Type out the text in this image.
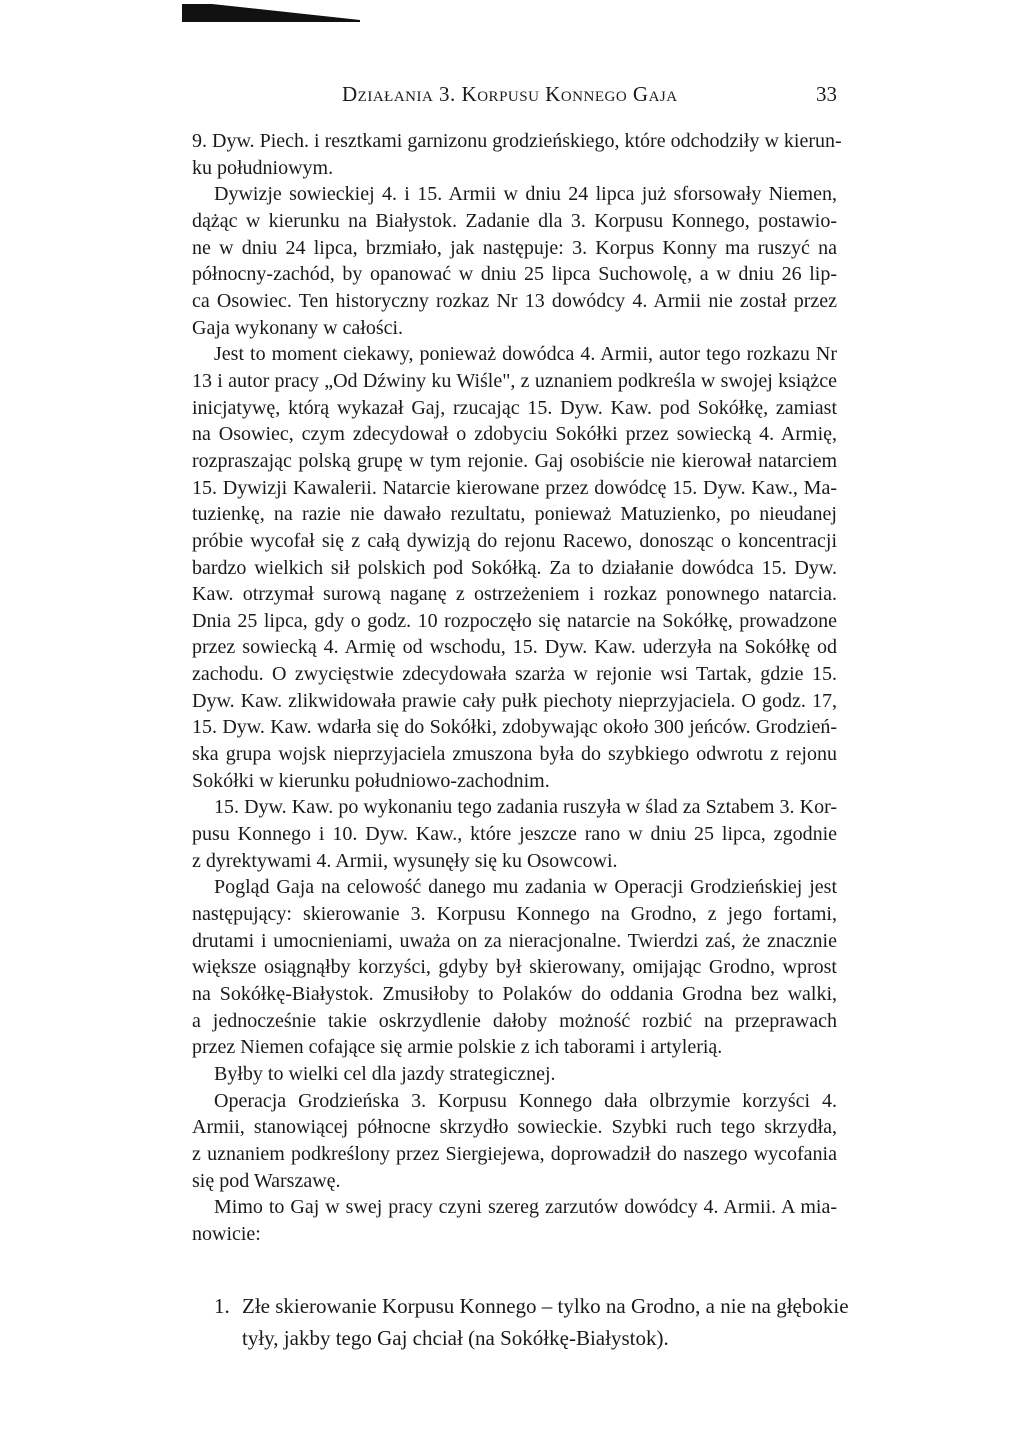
Działania 3. Korpusu Konnego Gaja	33
9. Dyw. Piech. i resztkami garnizonu grodzieńskiego, które odchodziły w kierun-
ku południowym.
Dywizje sowieckiej 4. i 15. Armii w dniu 24 lipca już sforsowały Niemen,
dążąc w kierunku na Białystok. Zadanie dla 3. Korpusu Konnego, postawio-
ne w dniu 24 lipca, brzmiało, jak następuje: 3. Korpus Konny ma ruszyć na
północny-zachód, by opanować w dniu 25 lipca Suchowolę, a w dniu 26 lip-
ca Osowiec. Ten historyczny rozkaz Nr 13 dowódcy 4. Armii nie został przez
Gaja wykonany w całości.
Jest to moment ciekawy, ponieważ dowódca 4. Armii, autor tego rozkazu Nr
13 i autor pracy „Od Dźwiny ku Wiśle", z uznaniem podkreśla w swojej książce
inicjatywę, którą wykazał Gaj, rzucając 15. Dyw. Kaw. pod Sokółkę, zamiast
na Osowiec, czym zdecydował o zdobyciu Sokółki przez sowiecką 4. Armię,
rozpraszając polską grupę w tym rejonie. Gaj osobiście nie kierował natarciem
15. Dywizji Kawalerii. Natarcie kierowane przez dowódcę 15. Dyw. Kaw., Ma-
tuzienkę, na razie nie dawało rezultatu, ponieważ Matuzienko, po nieudanej
próbie wycofał się z całą dywizją do rejonu Racewo, donosząc o koncentracji
bardzo wielkich sił polskich pod Sokółką. Za to działanie dowódca 15. Dyw.
Kaw. otrzymał surową naganę z ostrzeżeniem i rozkaz ponownego natarcia.
Dnia 25 lipca, gdy o godz. 10 rozpoczęło się natarcie na Sokółkę, prowadzone
przez sowiecką 4. Armię od wschodu, 15. Dyw. Kaw. uderzyła na Sokółkę od
zachodu. O zwycięstwie zdecydowała szarża w rejonie wsi Tartak, gdzie 15.
Dyw. Kaw. zlikwidowała prawie cały pułk piechoty nieprzyjaciela. O godz. 17,
15. Dyw. Kaw. wdarła się do Sokółki, zdobywając około 300 jeńców. Grodzień-
ska grupa wojsk nieprzyjaciela zmuszona była do szybkiego odwrotu z rejonu
Sokółki w kierunku południowo-zachodnim.
15. Dyw. Kaw. po wykonaniu tego zadania ruszyła w ślad za Sztabem 3. Kor-
pusu Konnego i 10. Dyw. Kaw., które jeszcze rano w dniu 25 lipca, zgodnie
z dyrektywami 4. Armii, wysunęły się ku Osowcowi.
Pogląd Gaja na celowość danego mu zadania w Operacji Grodzieńskiej jest
następujący: skierowanie 3. Korpusu Konnego na Grodno, z jego fortami,
drutami i umocnieniami, uważa on za nieracjonalne. Twierdzi zaś, że znacznie
większe osiągnąłby korzyści, gdyby był skierowany, omijając Grodno, wprost
na Sokółkę-Białystok. Zmusiłoby to Polaków do oddania Grodna bez walki,
a jednocześnie takie oskrzydlenie dałoby możność rozbić na przeprawach
przez Niemen cofające się armie polskie z ich taborami i artylerią.
Byłby to wielki cel dla jazdy strategicznej.
Operacja Grodzieńska 3. Korpusu Konnego dała olbrzymie korzyści 4.
Armii, stanowiącej północne skrzydło sowieckie. Szybki ruch tego skrzydła,
z uznaniem podkreślony przez Siergiejewa, doprowadził do naszego wycofania
się pod Warszawę.
Mimo to Gaj w swej pracy czyni szereg zarzutów dowódcy 4. Armii. A mia-
nowicie:
1. Złe skierowanie Korpusu Konnego – tylko na Grodno, a nie na głębokie
tyły, jakby tego Gaj chciał (na Sokółkę-Białystok).
